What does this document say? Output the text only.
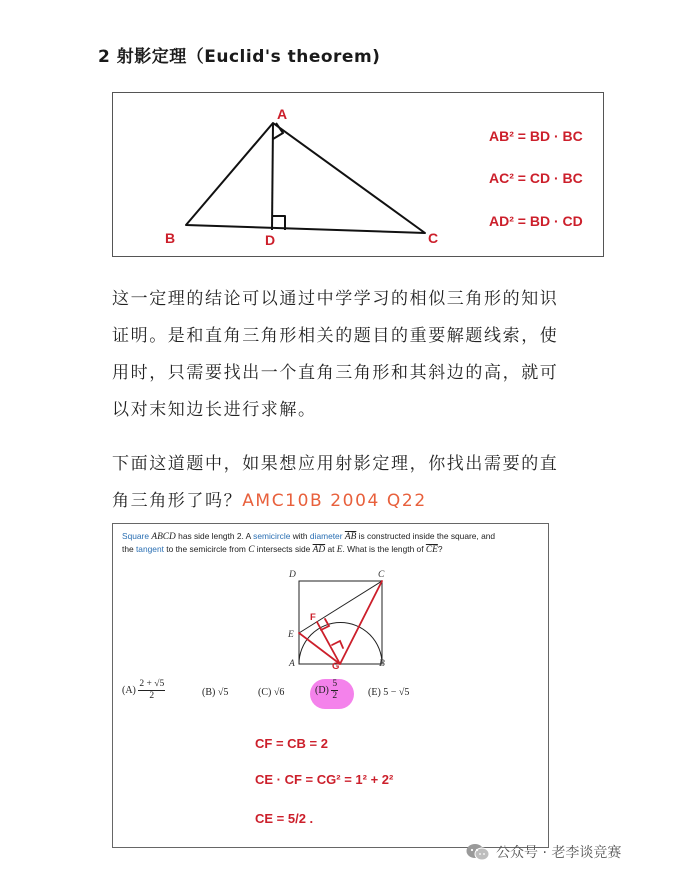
2 射影定理（Euclid's theorem)
A
B	D	C
AB² = BD · BC
AC² = CD · BC
AD² = BD · CD
这一定理的结论可以通过中学学习的相似三角形的知识
证明。是和直角三角形相关的题目的重要解题线索，使
用时，只需要找出一个直角三角形和其斜边的高，就可
以对末知边长进行求解。
下面这道题中，如果想应用射影定理，你找出需要的直
角三角形了吗？AMC10B 2004 Q22
Square ABCD has side length 2. A semicircle with diameter $\overline{AB}$ is constructed inside the square, and
the tangent to the semicircle from C intersects side $\overline{AD}$ at E. What is the length of $\overline{CE}$?
D	C
E
A	B
F
G
$(A) \frac{2 + √5}{2}$	(B) √5	(C) √6	$(D) \frac{5}{2}$	(E) 5 − √5
CF = CB = 2
CE · CF = CG² = 1² + 2²
CE = 5/2 .
公众号 · 老李谈竞赛
